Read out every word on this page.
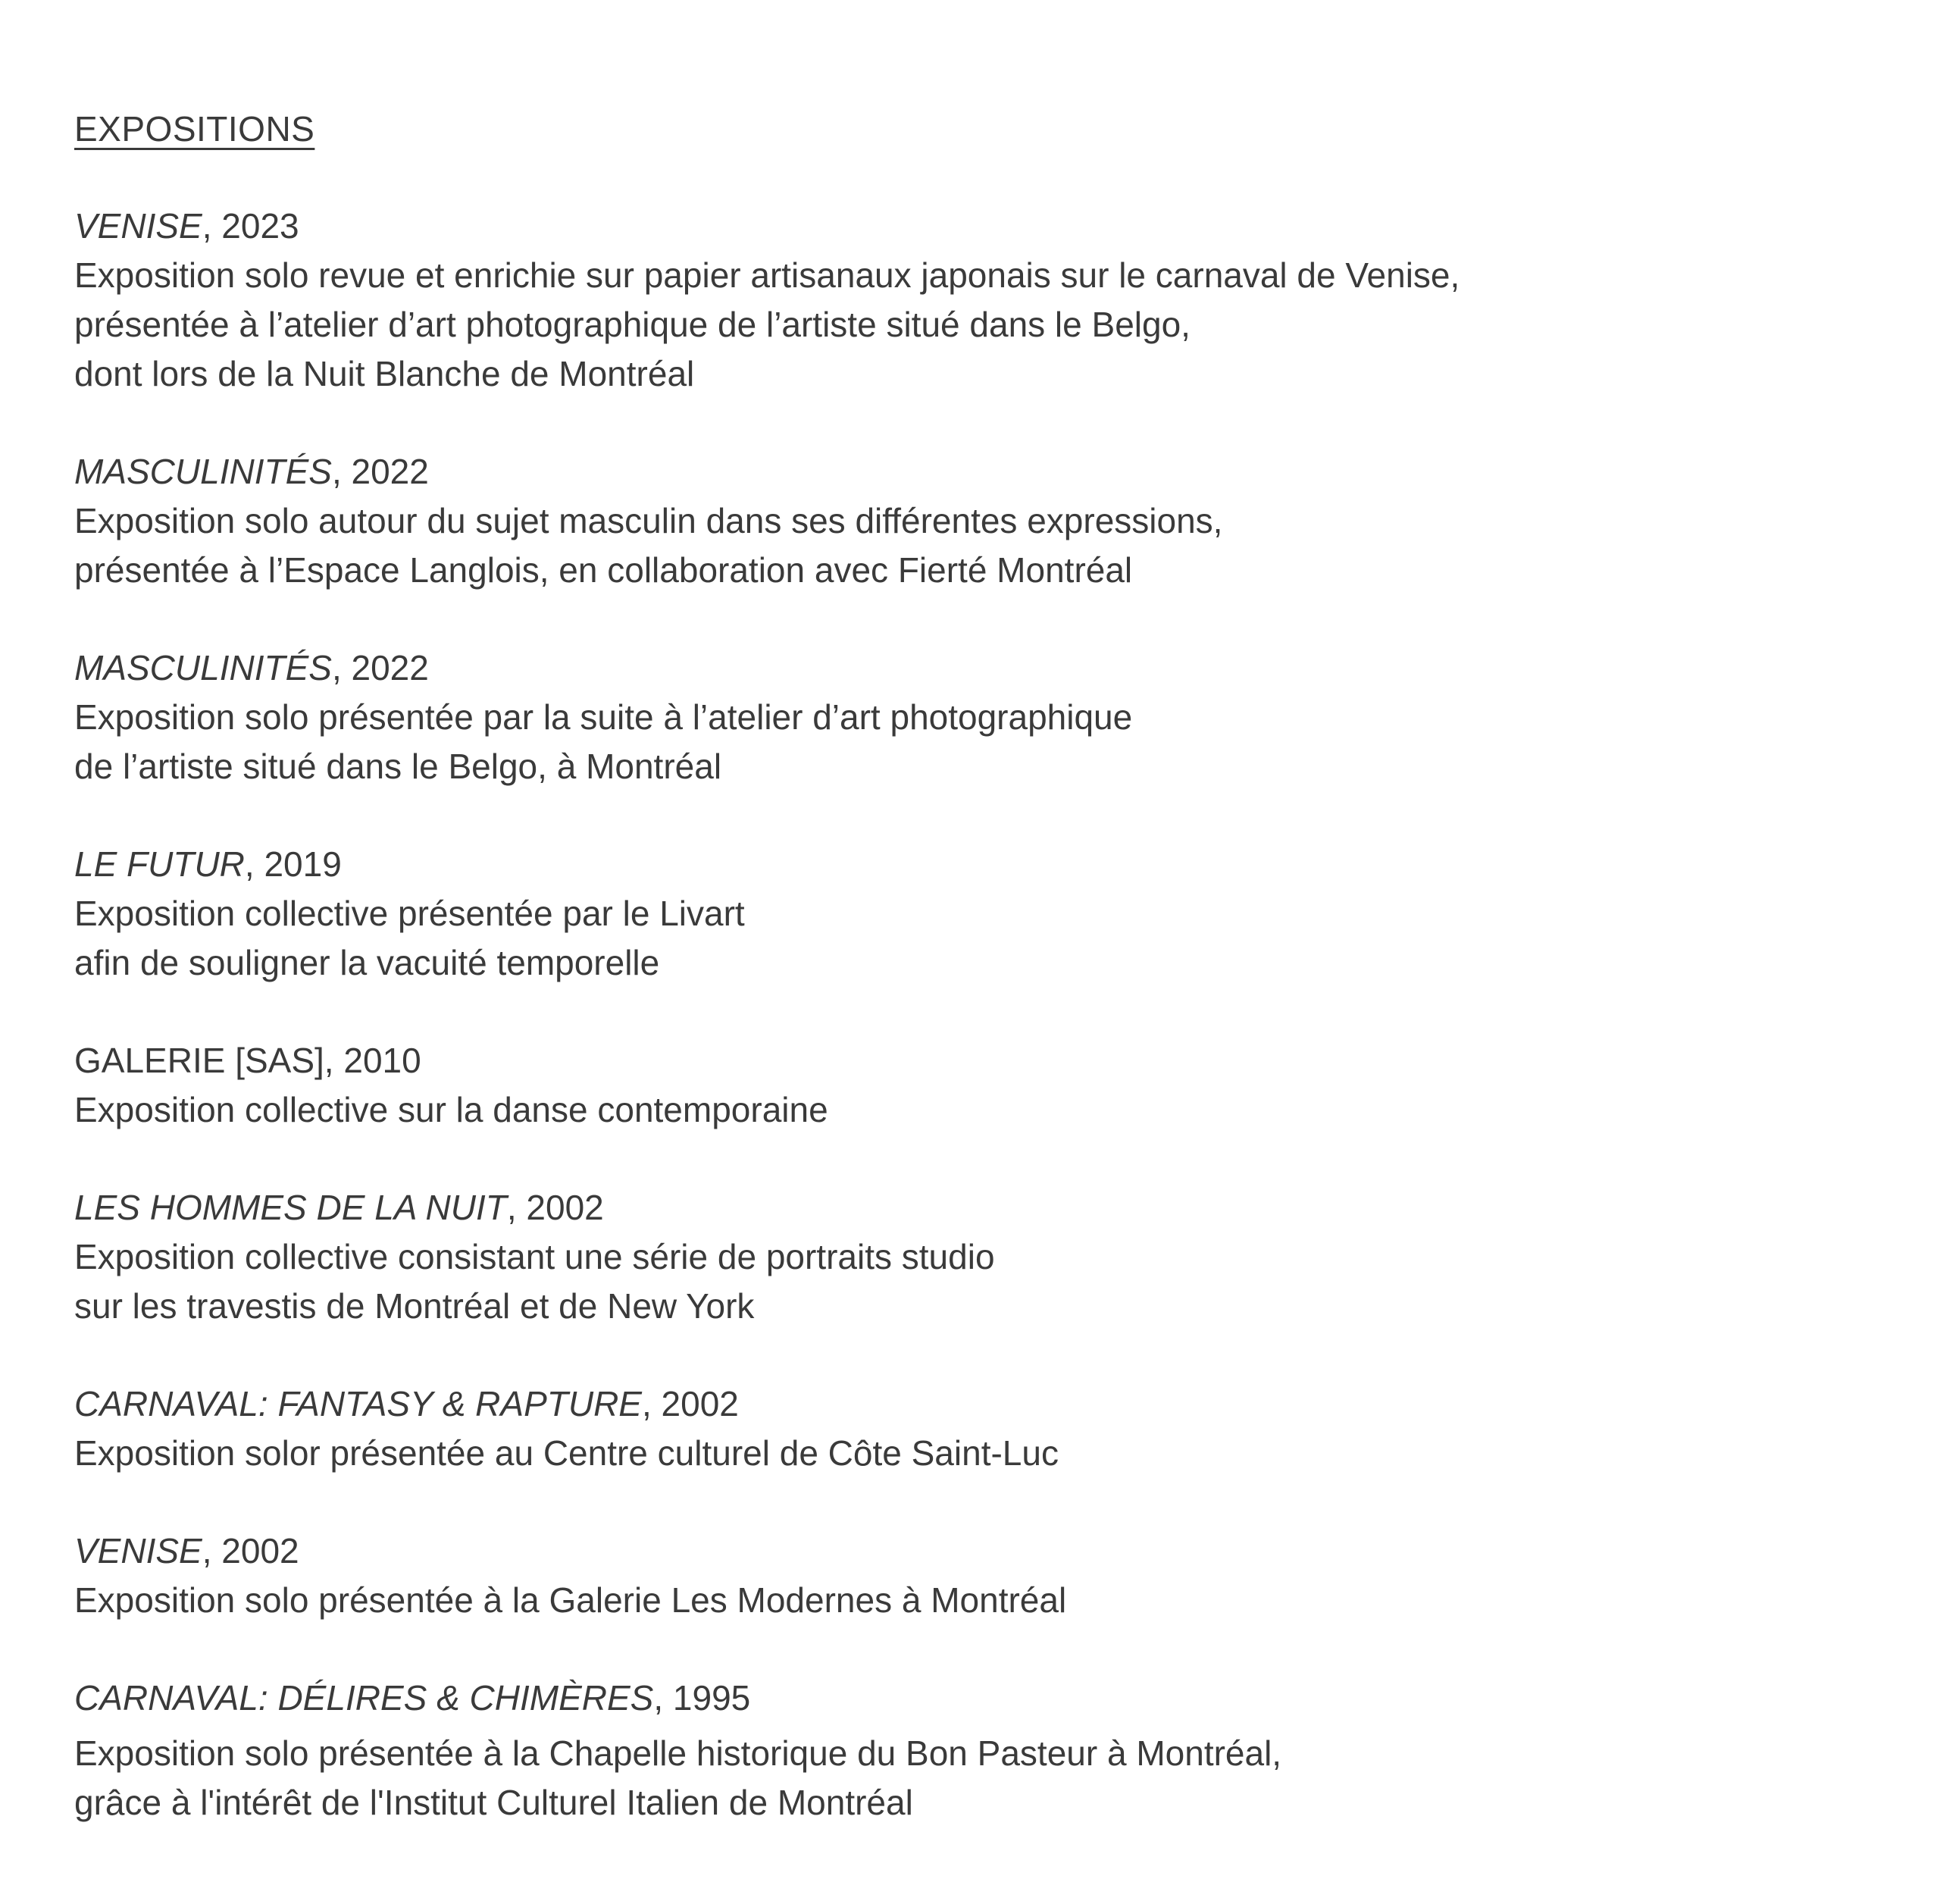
EXPOSITIONS

VENISE, 2023

Exposition solo revue et enrichie sur papier artisanaux japonais sur le carnaval de Venise,

présentée à l’atelier d’art photographique de l’artiste situé dans le Belgo,

dont lors de la Nuit Blanche de Montréal

MASCULINITÉS, 2022

Exposition solo autour du sujet masculin dans ses différentes expressions,

présentée à l’Espace Langlois, en collaboration avec Fierté Montréal

MASCULINITÉS, 2022

Exposition solo présentée par la suite à l’atelier d’art photographique

de l’artiste situé dans le Belgo, à Montréal

LE FUTUR, 2019

Exposition collective présentée par le Livart

afin de souligner la vacuité temporelle

GALERIE [SAS], 2010

Exposition collective sur la danse contemporaine

LES HOMMES DE LA NUIT, 2002

Exposition collective consistant une série de portraits studio

sur les travestis de Montréal et de New York

CARNAVAL: FANTASY & RAPTURE, 2002

Exposition solor présentée au Centre culturel de Côte Saint-Luc

VENISE, 2002

Exposition solo présentée à la Galerie Les Modernes à Montréal

CARNAVAL: DÉLIRES & CHIMÈRES, 1995

Exposition solo présentée à la Chapelle historique du Bon Pasteur à Montréal,

grâce à l'intérêt de l'Institut Culturel Italien de Montréal
